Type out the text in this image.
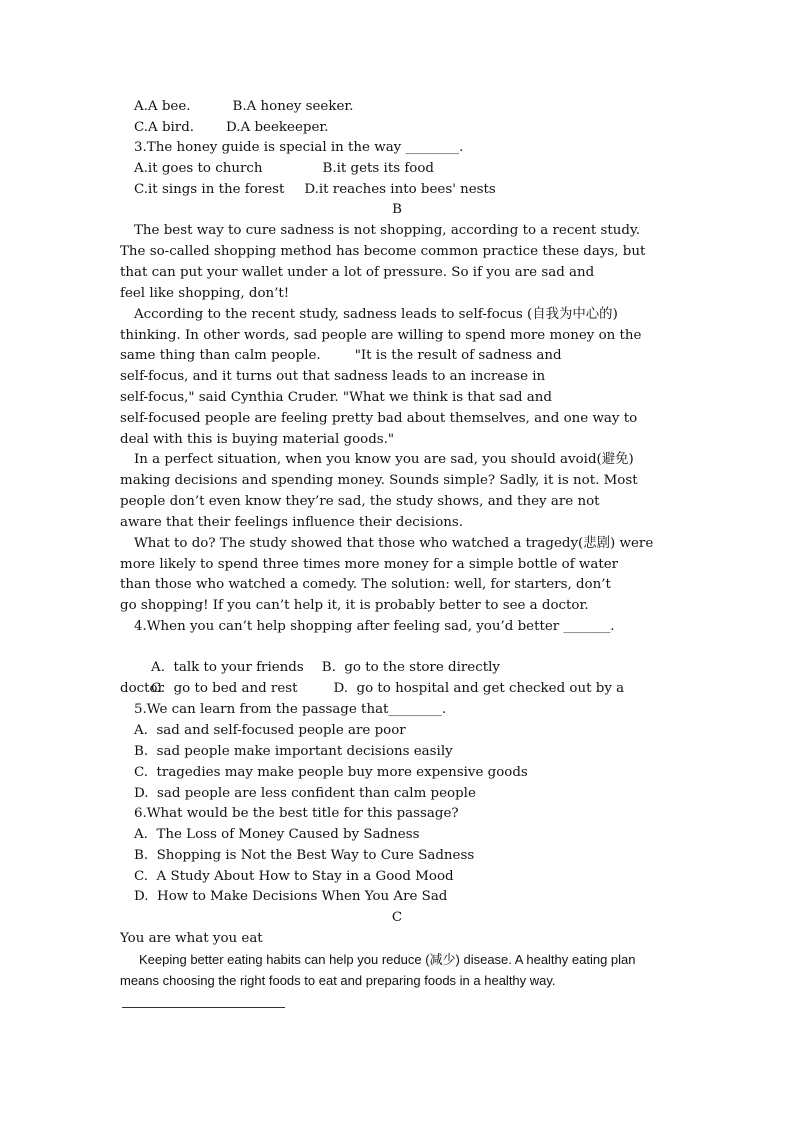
A.A bee.	B.A honey seeker.
C.A bird. D.A beekeeper.
3.The honey guide is special in the way ________.
A.it goes to church	B.it gets its food
C.it sings in the forest D.it reaches into bees' nests
B
The best way to cure sadness is not shopping, according to a recent study.
The so-called shopping method has become common practice these days, but
that can put your wallet under a lot of pressure. So if you are sad and
feel like shopping, don’t!
According to the recent study, sadness leads to self-focus (自我为中心的)
thinking. In other words, sad people are willing to spend more money on the
same thing than calm people.        "It is the result of sadness and
self-focus, and it turns out that sadness leads to an increase in
self-focus," said Cynthia Cruder. "What we think is that sad and
self-focused people are feeling pretty bad about themselves, and one way to
deal with this is buying material goods."
In a perfect situation, when you know you are sad, you should avoid(避免)
making decisions and spending money. Sounds simple? Sadly, it is not. Most
people don’t even know they’re sad, the study shows, and they are not
aware that their feelings influence their decisions.
What to do? The study showed that those who watched a tragedy(悲剧) were
more likely to spend three times more money for a simple bottle of water
than those who watched a comedy. The solution: well, for starters, don’t
go shopping! If you can’t help it, it is probably better to see a doctor.
4.When you can’t help shopping after feeling sad, you’d better _______.

A.  talk to your friends B.  go to the store directly

C.  go to bed and rest	D.  go to hospital and get checked out by a

doctor
5.We can learn from the passage that________.
A.  sad and self-focused people are poor
B.  sad people make important decisions easily
C.  tragedies may make people buy more expensive goods
D.  sad people are less confident than calm people
6.What would be the best title for this passage?
A.  The Loss of Money Caused by Sadness
B.  Shopping is Not the Best Way to Cure Sadness
C.  A Study About How to Stay in a Good Mood
D.  How to Make Decisions When You Are Sad
C
You are what you eat
Keeping better eating habits can help you reduce (减少) disease. A healthy eating plan
means choosing the right foods to eat and preparing foods in a healthy way.
